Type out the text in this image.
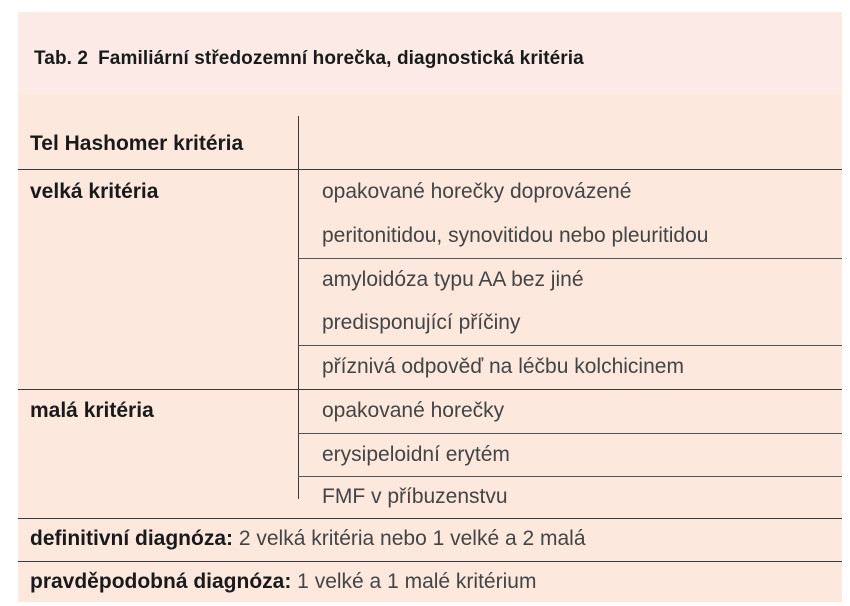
Tab. 2 Familiární středozemní horečka, diagnostická kritéria
Tel Hashomer kritéria
velká kritéria	opakované horečky doprovázené
peritonitidou, synovitidou nebo pleuritidou
amyloidóza typu AA bez jiné
predisponující příčiny
příznivá odpověď na léčbu kolchicinem
malá kritéria	opakované horečky
erysipeloidní erytém
FMF v příbuzenstvu
definitivní diagnóza: 2 velká kritéria nebo 1 velké a 2 malá
pravděpodobná diagnóza: 1 velké a 1 malé kritérium
